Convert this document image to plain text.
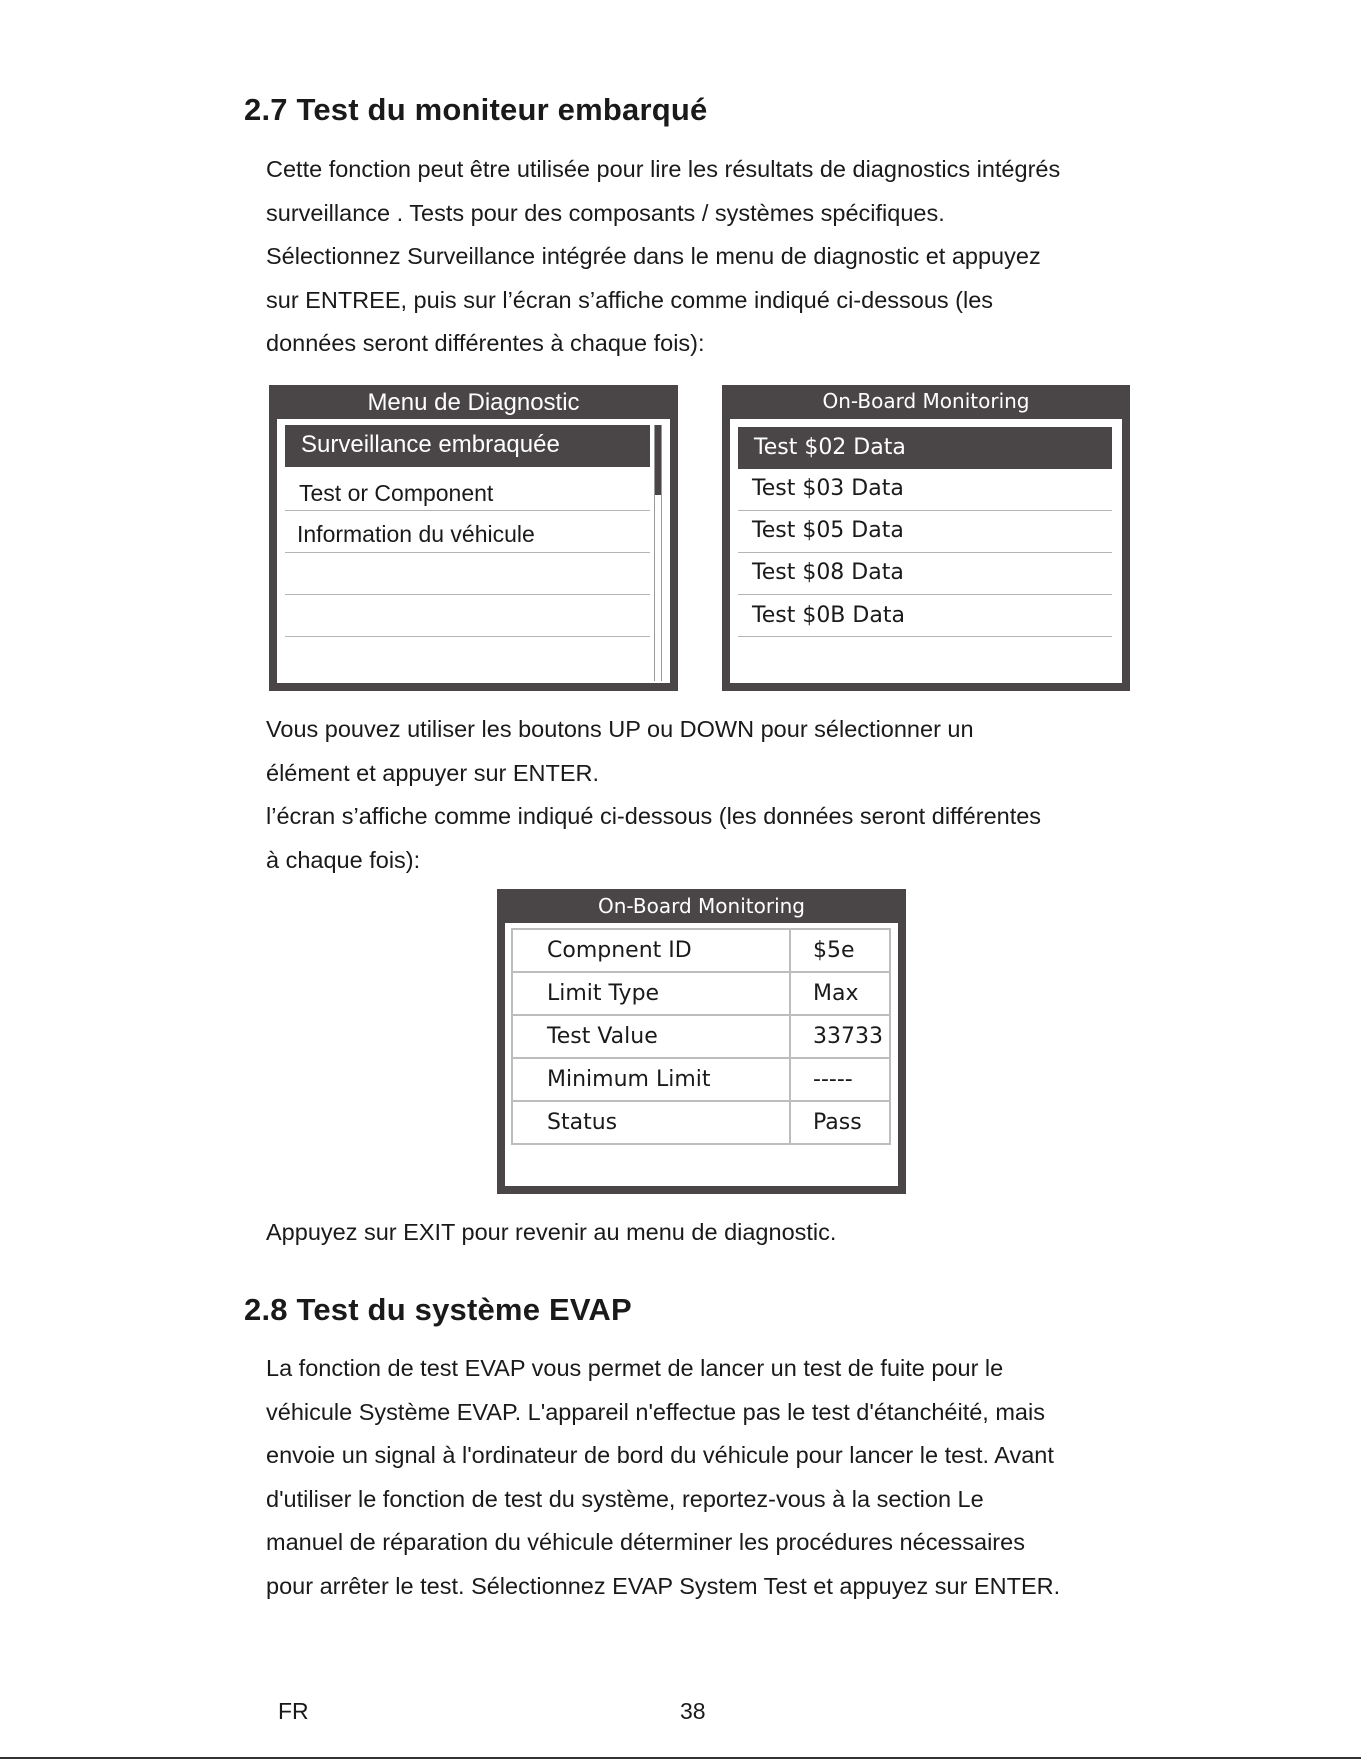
2.7 Test du moniteur embarqué
Cette fonction peut être utilisée pour lire les résultats de diagnostics intégrés
surveillance . Tests pour des composants / systèmes spécifiques.
Sélectionnez Surveillance intégrée dans le menu de diagnostic et appuyez
sur ENTREE, puis sur l’écran s’affiche comme indiqué ci-dessous (les
données seront différentes à chaque fois):
Menu de Diagnostic
Surveillance embraquée
Test or Component
Information du véhicule
On-Board Monitoring
Test $02 Data
Test $03 Data
Test $05 Data
Test $08 Data
Test $0B Data
Vous pouvez utiliser les boutons UP ou DOWN pour sélectionner un
élément et appuyer sur ENTER.
l’écran s’affiche comme indiqué ci-dessous (les données seront différentes
à chaque fois):
On-Board Monitoring
Compnent ID	$5e
Limit Type	Max
Test Value	33733
Minimum Limit	-----
Status	Pass
Appuyez sur EXIT pour revenir au menu de diagnostic.
2.8 Test du système EVAP
La fonction de test EVAP vous permet de lancer un test de fuite pour le
véhicule Système EVAP. L'appareil n'effectue pas le test d'étanchéité, mais
envoie un signal à l'ordinateur de bord du véhicule pour lancer le test. Avant
d'utiliser le fonction de test du système, reportez-vous à la section Le
manuel de réparation du véhicule déterminer les procédures nécessaires
pour arrêter le test. Sélectionnez EVAP System Test et appuyez sur ENTER.
FR	38
